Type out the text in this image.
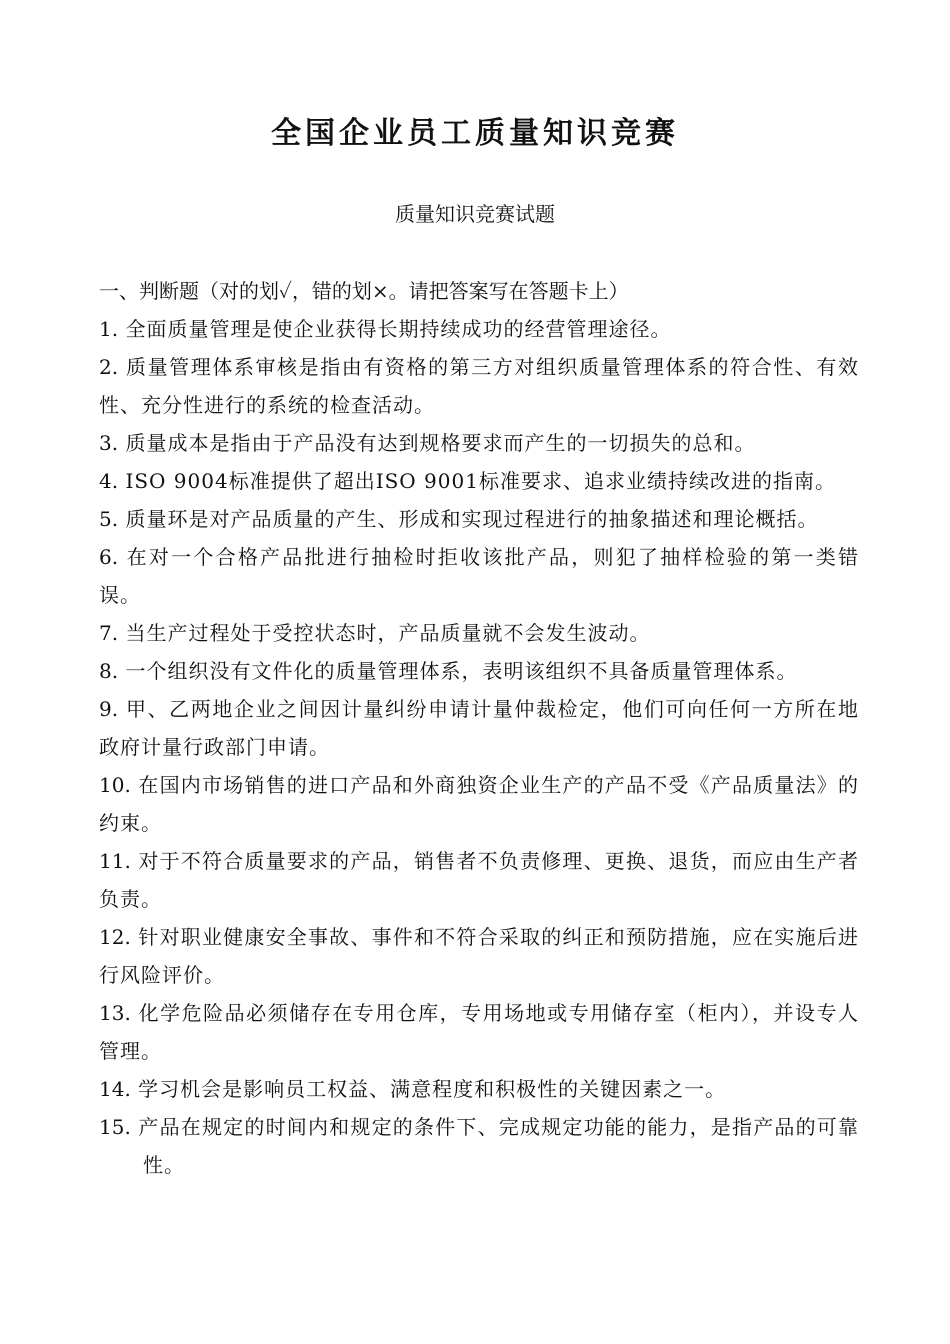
全国企业员工质量知识竞赛
质量知识竞赛试题
一、判断题（对的划✓，错的划×。请把答案写在答题卡上）
1. 全面质量管理是使企业获得长期持续成功的经营管理途径。
2. 质量管理体系审核是指由有资格的第三方对组织质量管理体系的符合性、有效性、充分性进行的系统的检查活动。
3. 质量成本是指由于产品没有达到规格要求而产生的一切损失的总和。
4. ISO 9004标准提供了超出ISO 9001标准要求、追求业绩持续改进的指南。
5. 质量环是对产品质量的产生、形成和实现过程进行的抽象描述和理论概括。
6. 在对一个合格产品批进行抽检时拒收该批产品，则犯了抽样检验的第一类错误。
7. 当生产过程处于受控状态时，产品质量就不会发生波动。
8. 一个组织没有文件化的质量管理体系，表明该组织不具备质量管理体系。
9. 甲、乙两地企业之间因计量纠纷申请计量仲裁检定，他们可向任何一方所在地政府计量行政部门申请。
10. 在国内市场销售的进口产品和外商独资企业生产的产品不受《产品质量法》的约束。
11. 对于不符合质量要求的产品，销售者不负责修理、更换、退货，而应由生产者负责。
12. 针对职业健康安全事故、事件和不符合采取的纠正和预防措施，应在实施后进行风险评价。
13. 化学危险品必须储存在专用仓库，专用场地或专用储存室（柜内），并设专人管理。
14. 学习机会是影响员工权益、满意程度和积极性的关键因素之一。
15. 产品在规定的时间内和规定的条件下、完成规定功能的能力，是指产品的可靠性。
